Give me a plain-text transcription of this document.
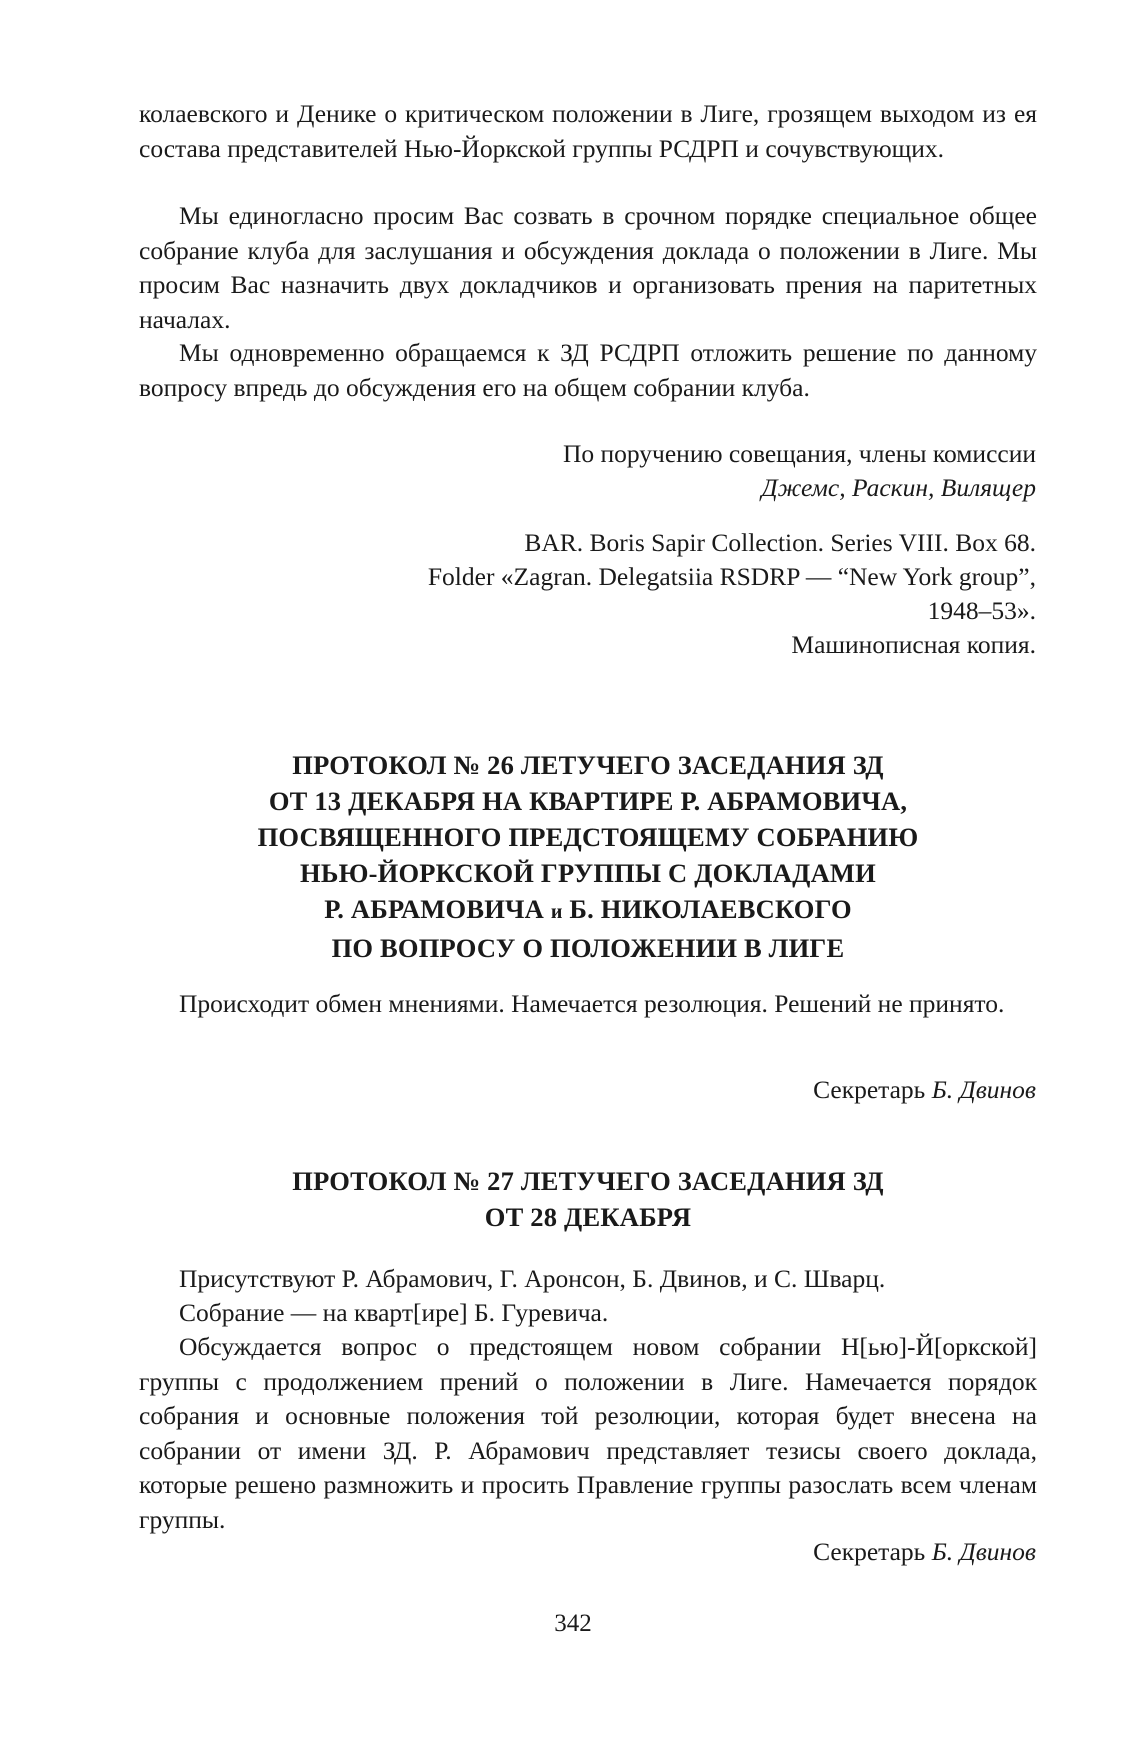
колаевского и Денике о критическом положении в Лиге, грозящем выходом из ея состава представителей Нью-Йоркской группы РСДРП и сочувствующих.

Мы единогласно просим Вас созвать в срочном порядке специальное общее собрание клуба для заслушания и обсуждения доклада о положении в Лиге. Мы просим Вас назначить двух докладчиков и организовать прения на паритетных началах.

Мы одновременно обращаемся к ЗД РСДРП отложить решение по данному вопросу впредь до обсуждения его на общем собрании клуба.

По поручению совещания, члены комиссии

Джемс, Раскин, Вилящер

BAR. Boris Sapir Collection. Series VIII. Box 68.

Folder «Zagran. Delegatsiia RSDRP — “New York group”,

1948–53».

Машинописная копия.

ПРОТОКОЛ № 26 ЛЕТУЧЕГО ЗАСЕДАНИЯ ЗД
ОТ 13 ДЕКАБРЯ НА КВАРТИРЕ Р. АБРАМОВИЧА,
ПОСВЯЩЕННОГО ПРЕДСТОЯЩЕМУ СОБРАНИЮ
НЬЮ-ЙОРКСКОЙ ГРУППЫ С ДОКЛАДАМИ
Р. АБРАМОВИЧА и Б. НИКОЛАЕВСКОГО
ПО ВОПРОСУ О ПОЛОЖЕНИИ В ЛИГЕ

Происходит обмен мнениями. Намечается резолюция. Решений не принято.

Секретарь Б. Двинов

ПРОТОКОЛ № 27 ЛЕТУЧЕГО ЗАСЕДАНИЯ ЗД
ОТ 28 ДЕКАБРЯ

Присутствуют Р. Абрамович, Г. Аронсон, Б. Двинов, и С. Шварц.

Собрание — на кварт[ире] Б. Гуревича.

Обсуждается вопрос о предстоящем новом собрании Н[ью]-Й[оркской] группы с продолжением прений о положении в Лиге. Намечается порядок собрания и основные положения той резолюции, которая будет внесена на собрании от имени ЗД. Р. Абрамович представляет тезисы своего доклада, которые решено размножить и просить Правление группы разослать всем членам группы.

Секретарь Б. Двинов

342
